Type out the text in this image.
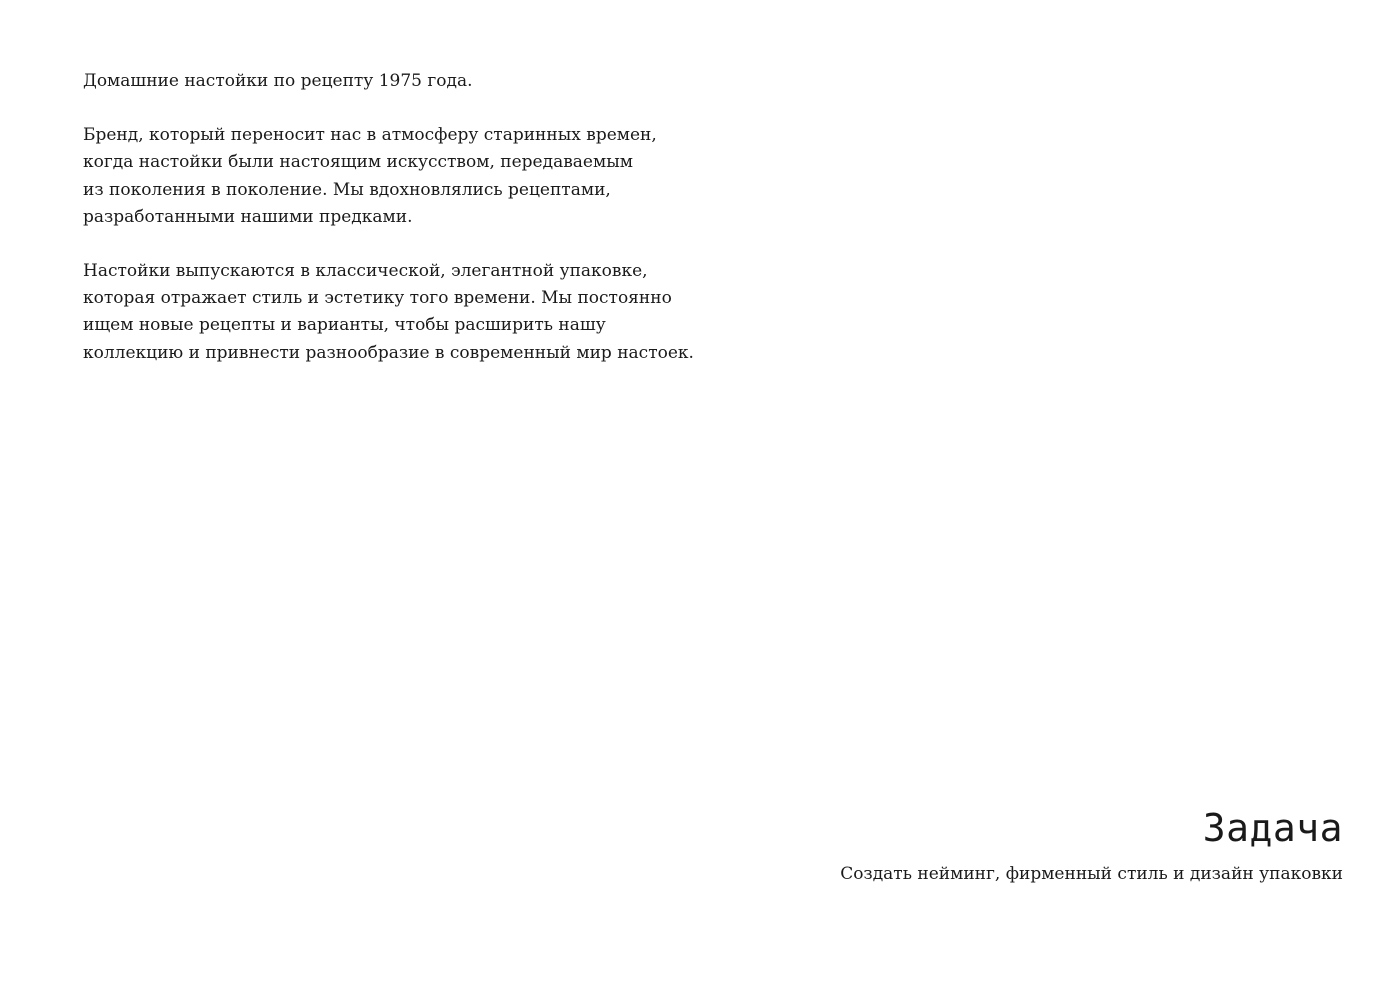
Домашние настойки по рецепту 1975 года.

Бренд, который переносит нас в атмосферу старинных времен,
когда настойки были настоящим искусством, передаваемым
из поколения в поколение. Мы вдохновлялись рецептами,
разработанными нашими предками.

Настойки выпускаются в классической, элегантной упаковке,
которая отражает стиль и эстетику того времени. Мы постоянно
ищем новые рецепты и варианты, чтобы расширить нашу
коллекцию и привнести разнообразие в современный мир настоек.

Задача

Создать нейминг, фирменный стиль и дизайн упаковки
